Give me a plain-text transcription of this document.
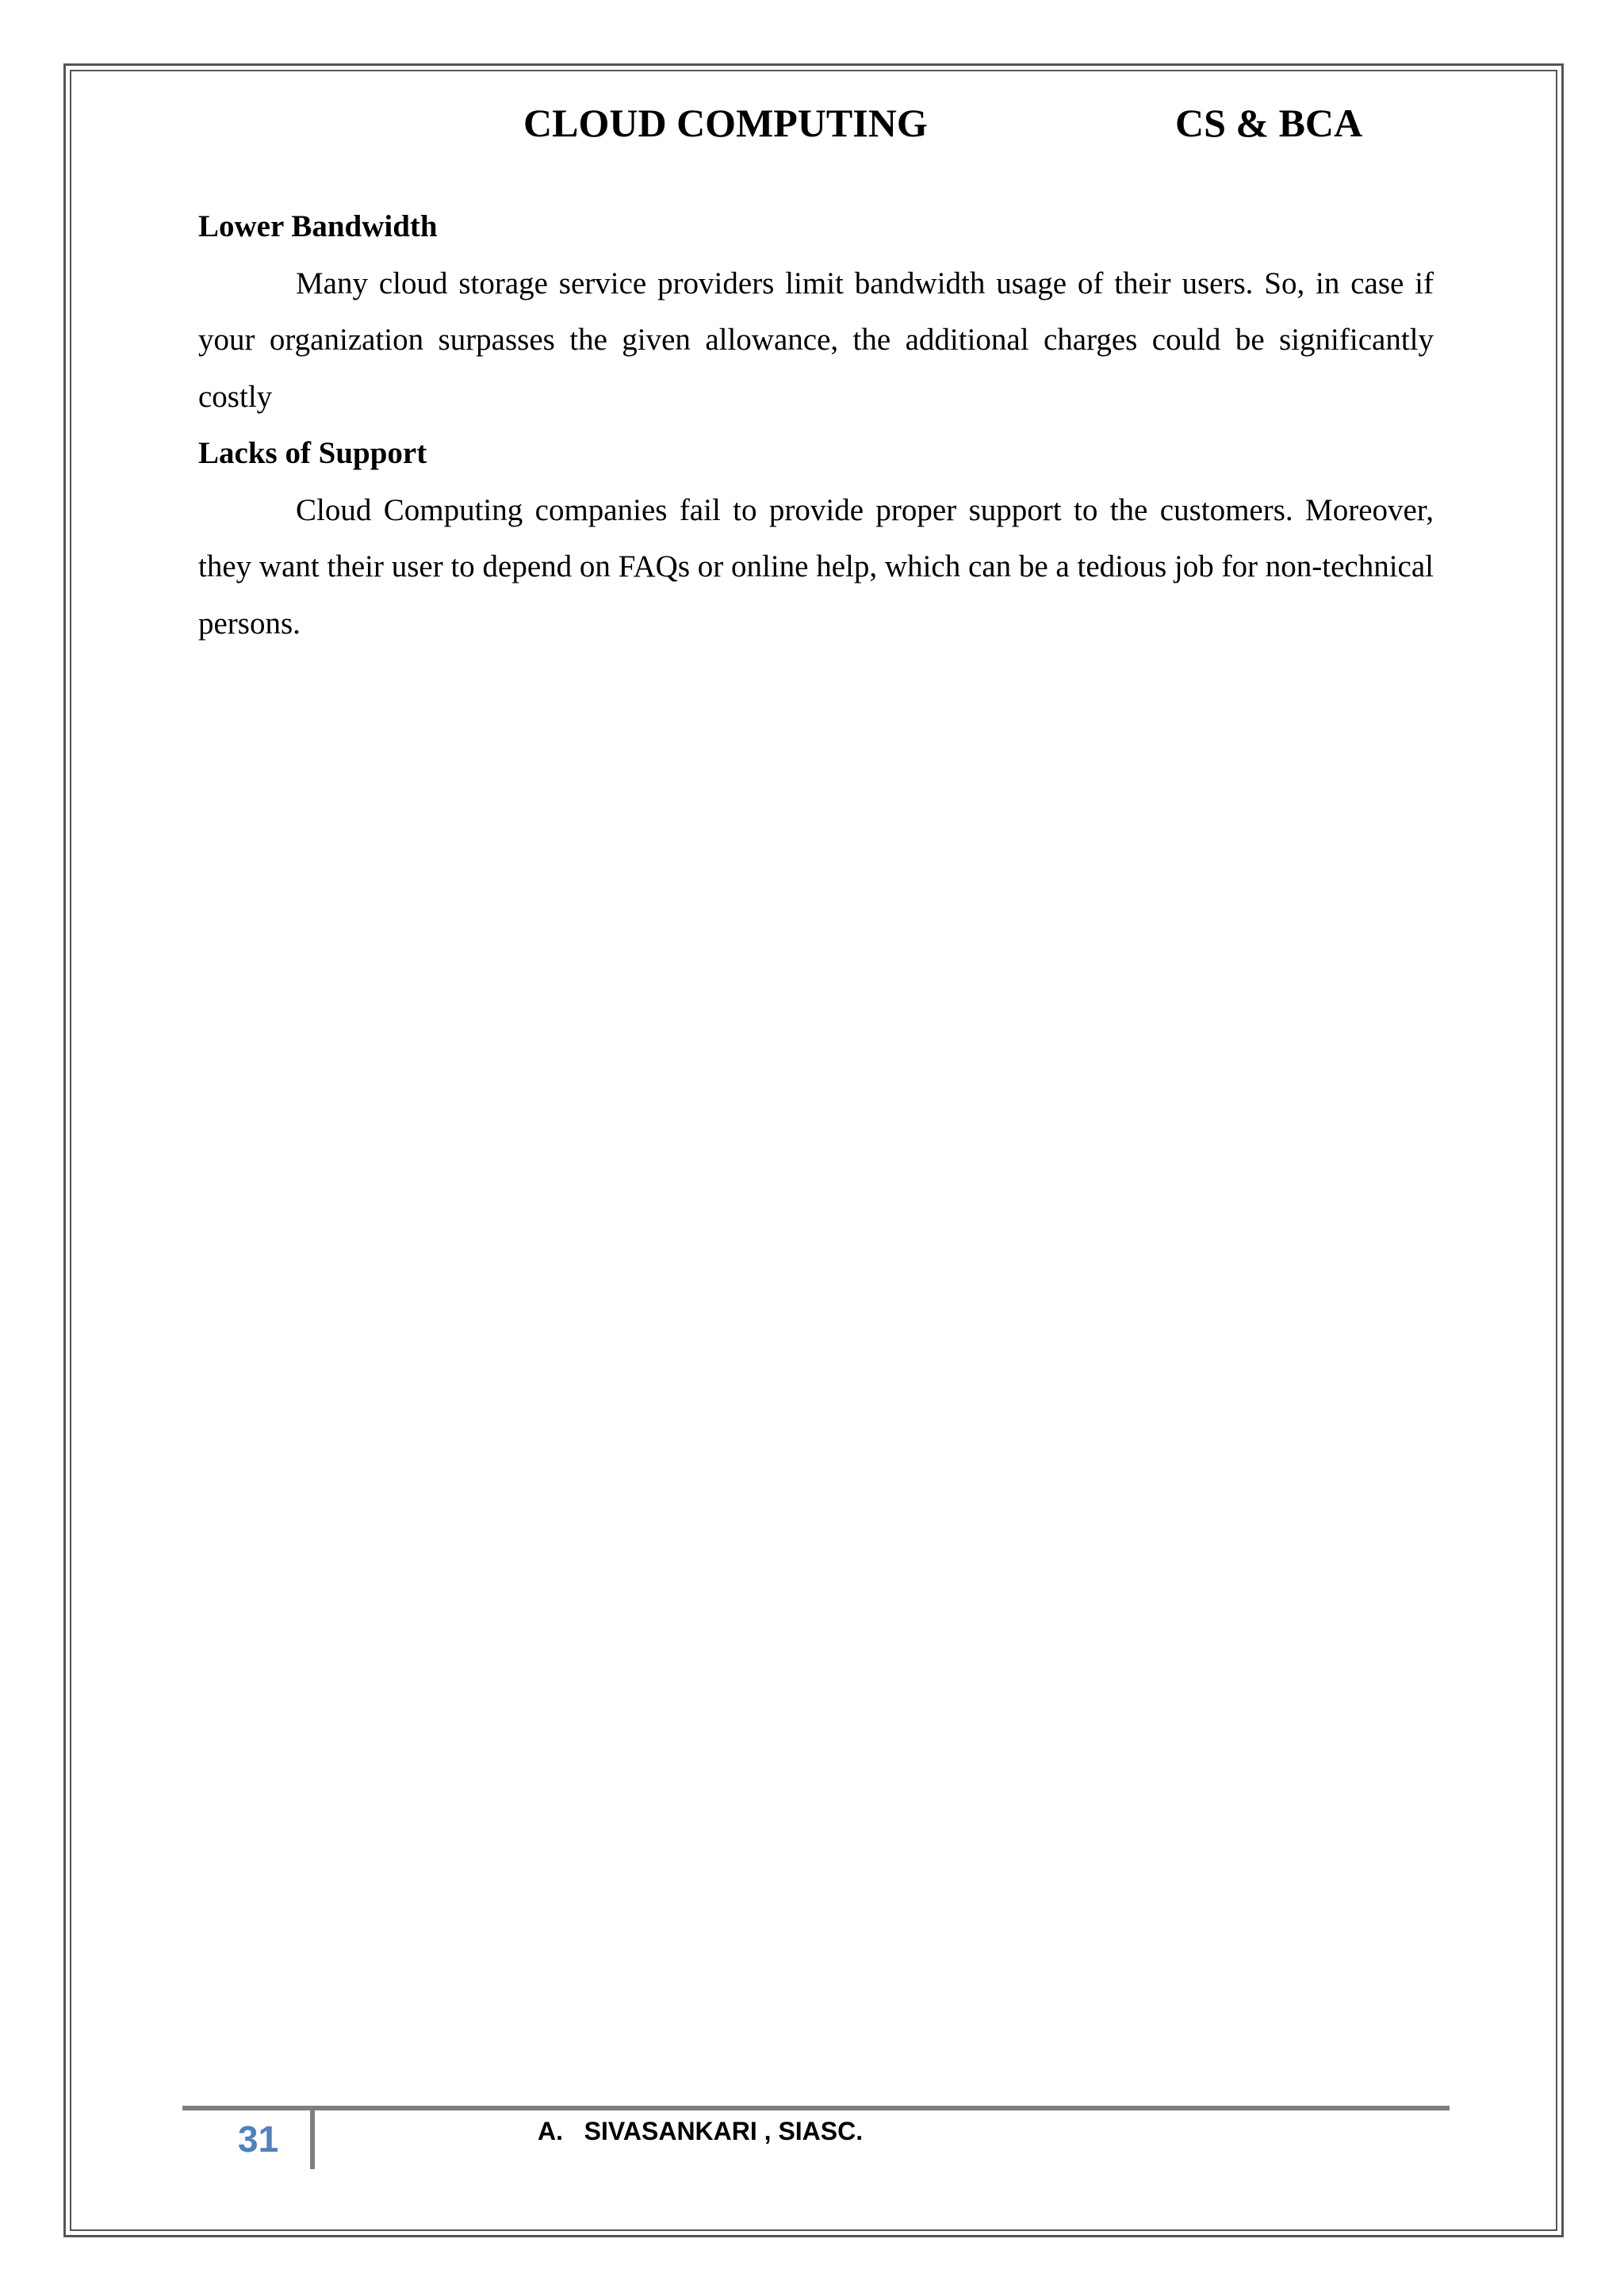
CLOUD COMPUTING	CS & BCA
Lower Bandwidth

Many cloud storage service providers limit bandwidth usage of their users. So, in case if your organization surpasses the given allowance, the additional charges could be significantly costly

Lacks of Support

Cloud Computing companies fail to provide proper support to the customers. Moreover, they want their user to depend on FAQs or online help, which can be a tedious job for non-technical persons.

31	A.   SIVASANKARI , SIASC.
